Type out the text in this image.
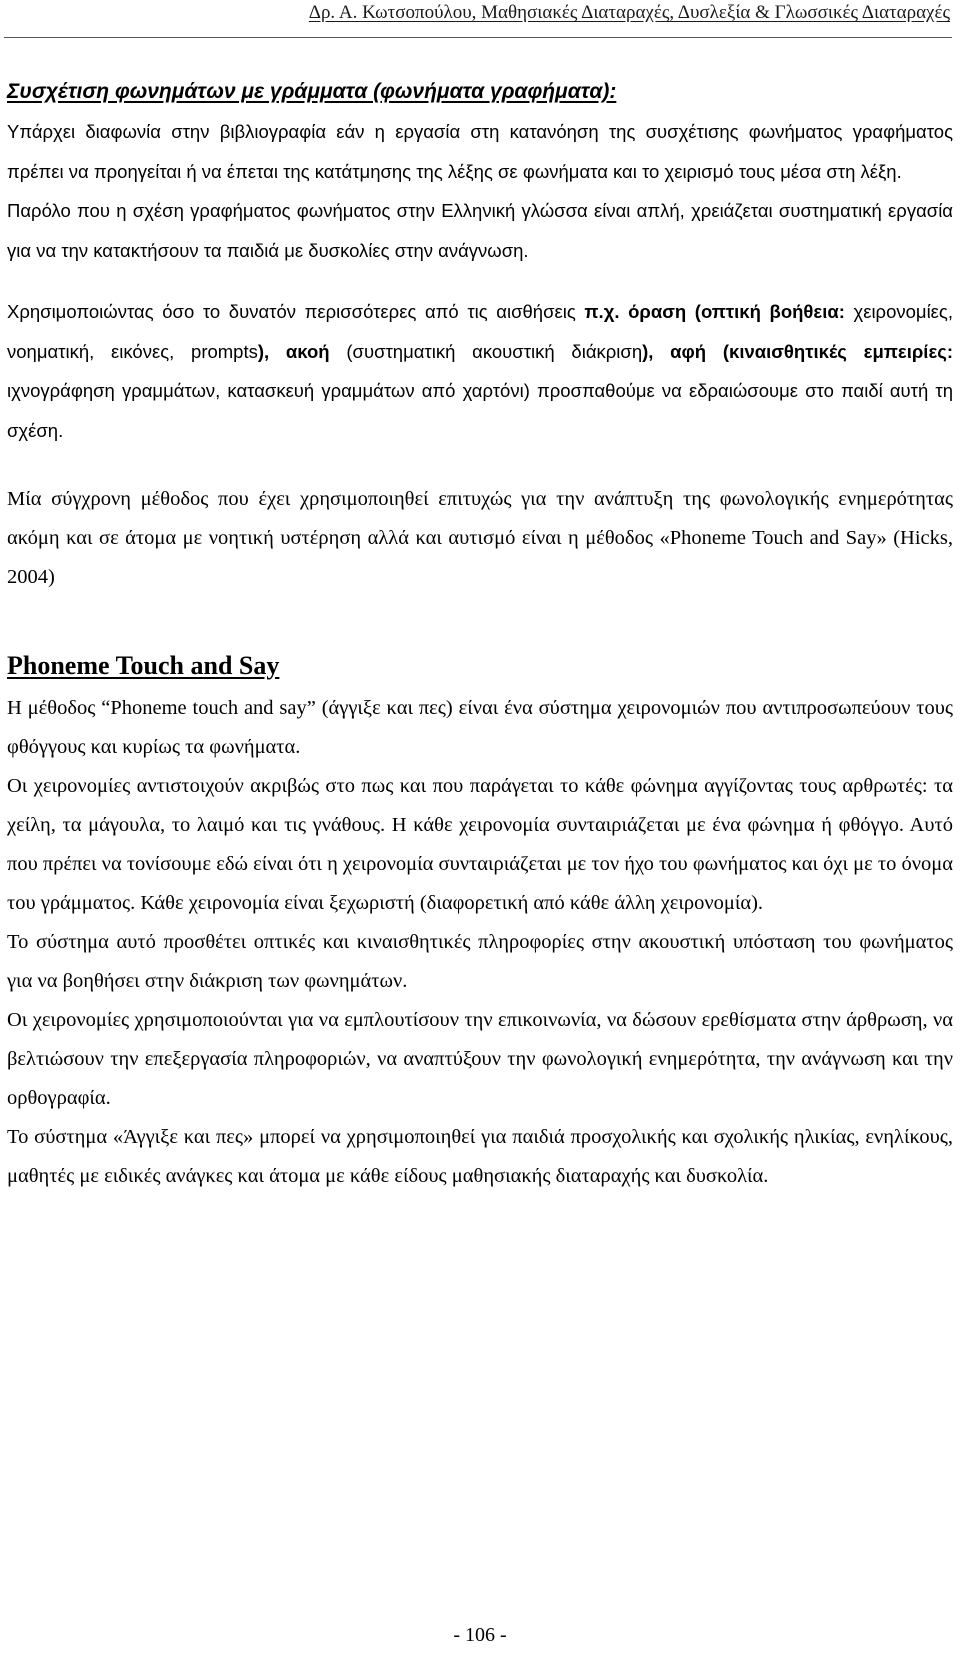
Δρ. Α. Κωτσοπούλου, Μαθησιακές Διαταραχές, Δυσλεξία & Γλωσσικές Διαταραχές
Συσχέτιση φωνημάτων με γράμματα (φωνήματα γραφήματα):

Υπάρχει διαφωνία στην βιβλιογραφία εάν η εργασία στη κατανόηση της συσχέτισης φωνήματος γραφήματος πρέπει να προηγείται ή να έπεται της κατάτμησης της λέξης σε φωνήματα και το χειρισμό τους μέσα στη λέξη.

Παρόλο που η σχέση γραφήματος φωνήματος στην Ελληνική γλώσσα είναι απλή, χρειάζεται συστηματική εργασία για να την κατακτήσουν τα παιδιά με δυσκολίες στην ανάγνωση.

Χρησιμοποιώντας όσο το δυνατόν περισσότερες από τις αισθήσεις π.χ. όραση (οπτική βοήθεια: χειρονομίες, νοηματική, εικόνες, prompts), ακοή (συστηματική ακουστική διάκριση), αφή (κιναισθητικές εμπειρίες: ιχνογράφηση γραμμάτων, κατασκευή γραμμάτων από χαρτόνι) προσπαθούμε να εδραιώσουμε στο παιδί αυτή τη σχέση.

Μία σύγχρονη μέθοδος που έχει χρησιμοποιηθεί επιτυχώς για την ανάπτυξη της φωνολογικής ενημερότητας ακόμη και σε άτομα με νοητική υστέρηση αλλά και αυτισμό είναι η μέθοδος «Phoneme Touch and Say» (Hicks, 2004)

Phoneme Touch and Say

Η μέθοδος “Phoneme touch and say” (άγγιξε και πες) είναι ένα σύστημα χειρονομιών που αντιπροσωπεύουν τους φθόγγους και κυρίως τα φωνήματα.

Οι χειρονομίες αντιστοιχούν ακριβώς στο πως και που παράγεται το κάθε φώνημα αγγίζοντας τους αρθρωτές: τα χείλη, τα μάγουλα, το λαιμό και τις γνάθους. Η κάθε χειρονομία συνταιριάζεται με ένα φώνημα ή φθόγγο. Αυτό που πρέπει να τονίσουμε εδώ είναι ότι η χειρονομία συνταιριάζεται με τον ήχο του φωνήματος και όχι με το όνομα του γράμματος. Κάθε χειρονομία είναι ξεχωριστή (διαφορετική από κάθε άλλη χειρονομία).

Το σύστημα αυτό προσθέτει οπτικές και κιναισθητικές πληροφορίες στην ακουστική υπόσταση του φωνήματος για να βοηθήσει στην διάκριση των φωνημάτων.

Οι χειρονομίες χρησιμοποιούνται για να εμπλουτίσουν την επικοινωνία, να δώσουν ερεθίσματα στην άρθρωση, να βελτιώσουν την επεξεργασία πληροφοριών, να αναπτύξουν την φωνολογική ενημερότητα, την ανάγνωση και την ορθογραφία.

Το σύστημα «Άγγιξε και πες» μπορεί να χρησιμοποιηθεί για παιδιά προσχολικής και σχολικής ηλικίας, ενηλίκους, μαθητές με ειδικές ανάγκες και άτομα με κάθε είδους μαθησιακής διαταραχής και δυσκολία.

- 106 -
